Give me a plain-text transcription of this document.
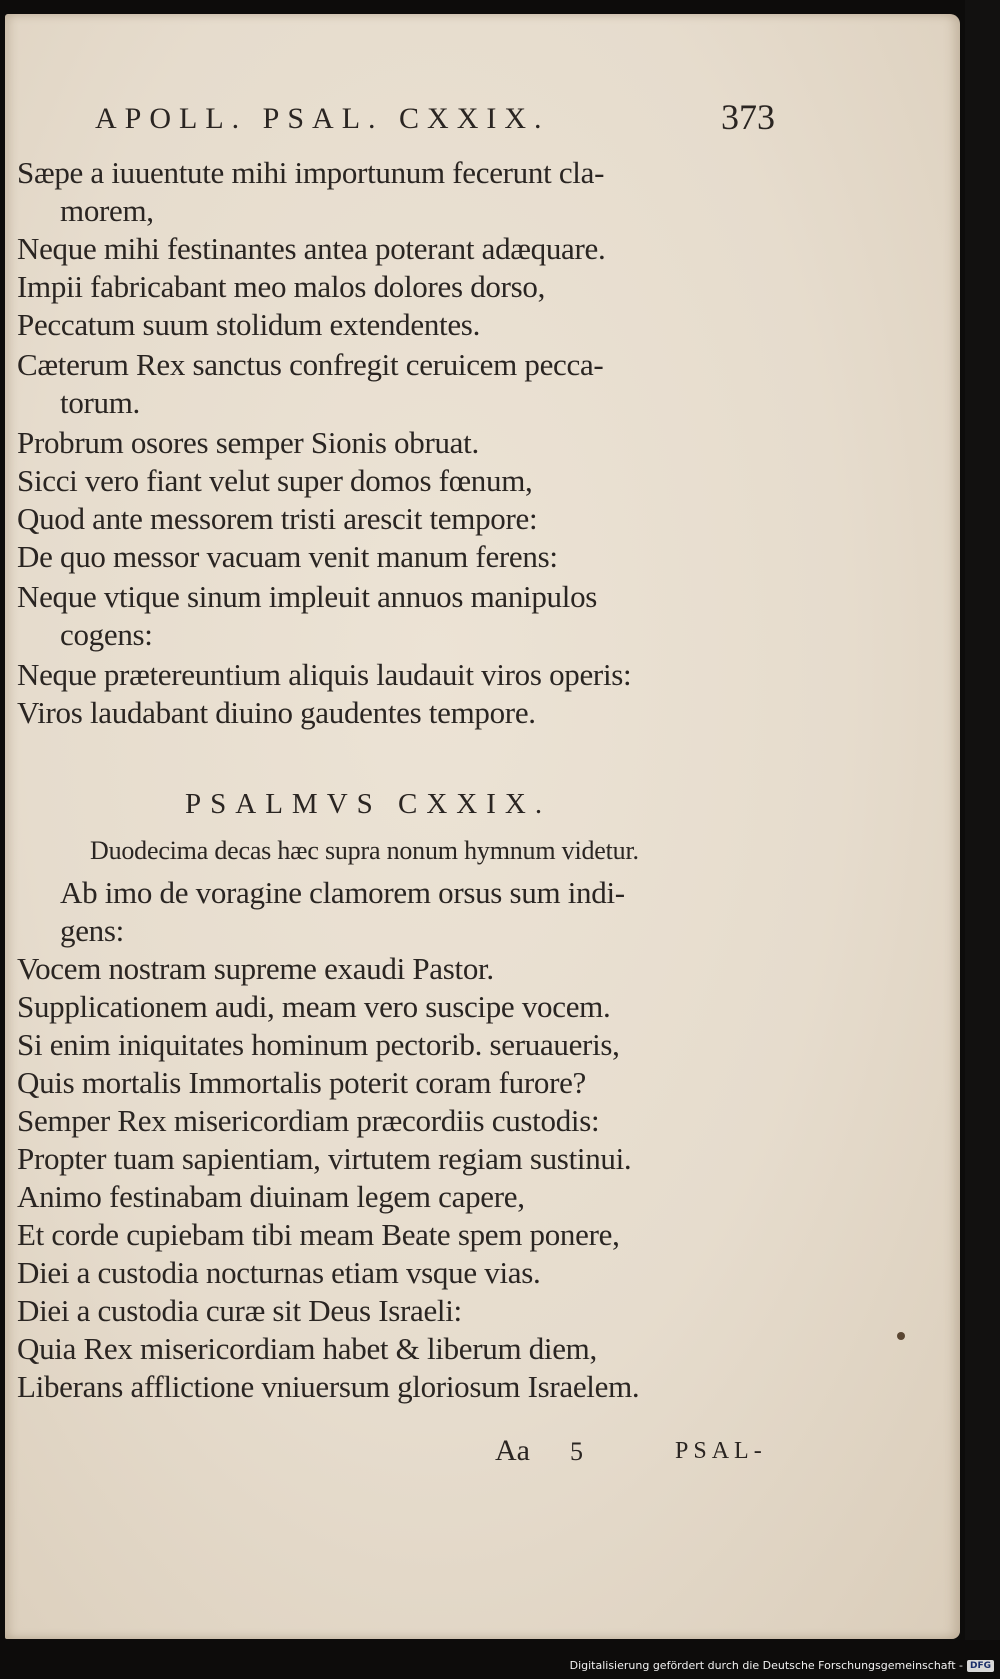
APOLL. PSAL. CXXIX.	373
Sæpe a iuuentute mihi importunum fecerunt cla-
morem,
Neque mihi festinantes antea poterant adæquare.
Impii fabricabant meo malos dolores dorso,
Peccatum suum stolidum extendentes.
Cæterum Rex sanctus confregit ceruicem pecca-
torum.
Probrum osores semper Sionis obruat.
Sicci vero fiant velut super domos fœnum,
Quod ante messorem tristi arescit tempore:
De quo messor vacuam venit manum ferens:
Neque vtique sinum impleuit annuos manipulos
cogens:
Neque prætereuntium aliquis laudauit viros operis:
Viros laudabant diuino gaudentes tempore.
PSALMVS CXXIX.
Duodecima decas hæc supra nonum hymnum videtur.
Ab imo de voragine clamorem orsus sum indi-
gens:
Vocem nostram supreme exaudi Pastor.
Supplicationem audi, meam vero suscipe vocem.
Si enim iniquitates hominum pectorib. seruaueris,
Quis mortalis Immortalis poterit coram furore?
Semper Rex misericordiam præcordiis custodis:
Propter tuam sapientiam, virtutem regiam sustinui.
Animo festinabam diuinam legem capere,
Et corde cupiebam tibi meam Beate spem ponere,
Diei a custodia nocturnas etiam vsque vias.
Diei a custodia curæ sit Deus Israeli:
Quia Rex misericordiam habet & liberum diem,
Liberans afflictione vniuersum gloriosum Israelem.
Aa 5	PSAL-
Digitalisierung gefördert durch die Deutsche Forschungsgemeinschaft - DFG
